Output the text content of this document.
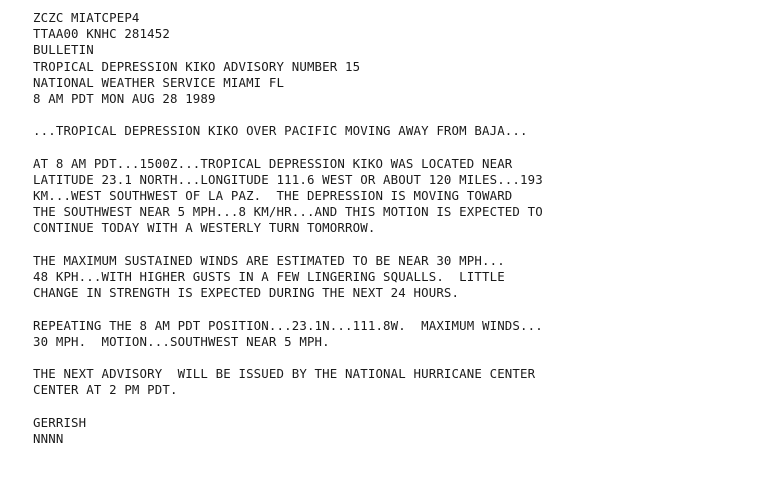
ZCZC MIATCPEP4
TTAA00 KNHC 281452
BULLETIN
TROPICAL DEPRESSION KIKO ADVISORY NUMBER 15
NATIONAL WEATHER SERVICE MIAMI FL
8 AM PDT MON AUG 28 1989
...TROPICAL DEPRESSION KIKO OVER PACIFIC MOVING AWAY FROM BAJA...
AT 8 AM PDT...1500Z...TROPICAL DEPRESSION KIKO WAS LOCATED NEAR
LATITUDE 23.1 NORTH...LONGITUDE 111.6 WEST OR ABOUT 120 MILES...193
KM...WEST SOUTHWEST OF LA PAZ.  THE DEPRESSION IS MOVING TOWARD
THE SOUTHWEST NEAR 5 MPH...8 KM/HR...AND THIS MOTION IS EXPECTED TO
CONTINUE TODAY WITH A WESTERLY TURN TOMORROW.
THE MAXIMUM SUSTAINED WINDS ARE ESTIMATED TO BE NEAR 30 MPH...
48 KPH...WITH HIGHER GUSTS IN A FEW LINGERING SQUALLS.  LITTLE
CHANGE IN STRENGTH IS EXPECTED DURING THE NEXT 24 HOURS.
REPEATING THE 8 AM PDT POSITION...23.1N...111.8W.  MAXIMUM WINDS...
30 MPH.  MOTION...SOUTHWEST NEAR 5 MPH.
THE NEXT ADVISORY  WILL BE ISSUED BY THE NATIONAL HURRICANE CENTER
CENTER AT 2 PM PDT.
GERRISH
NNNN
